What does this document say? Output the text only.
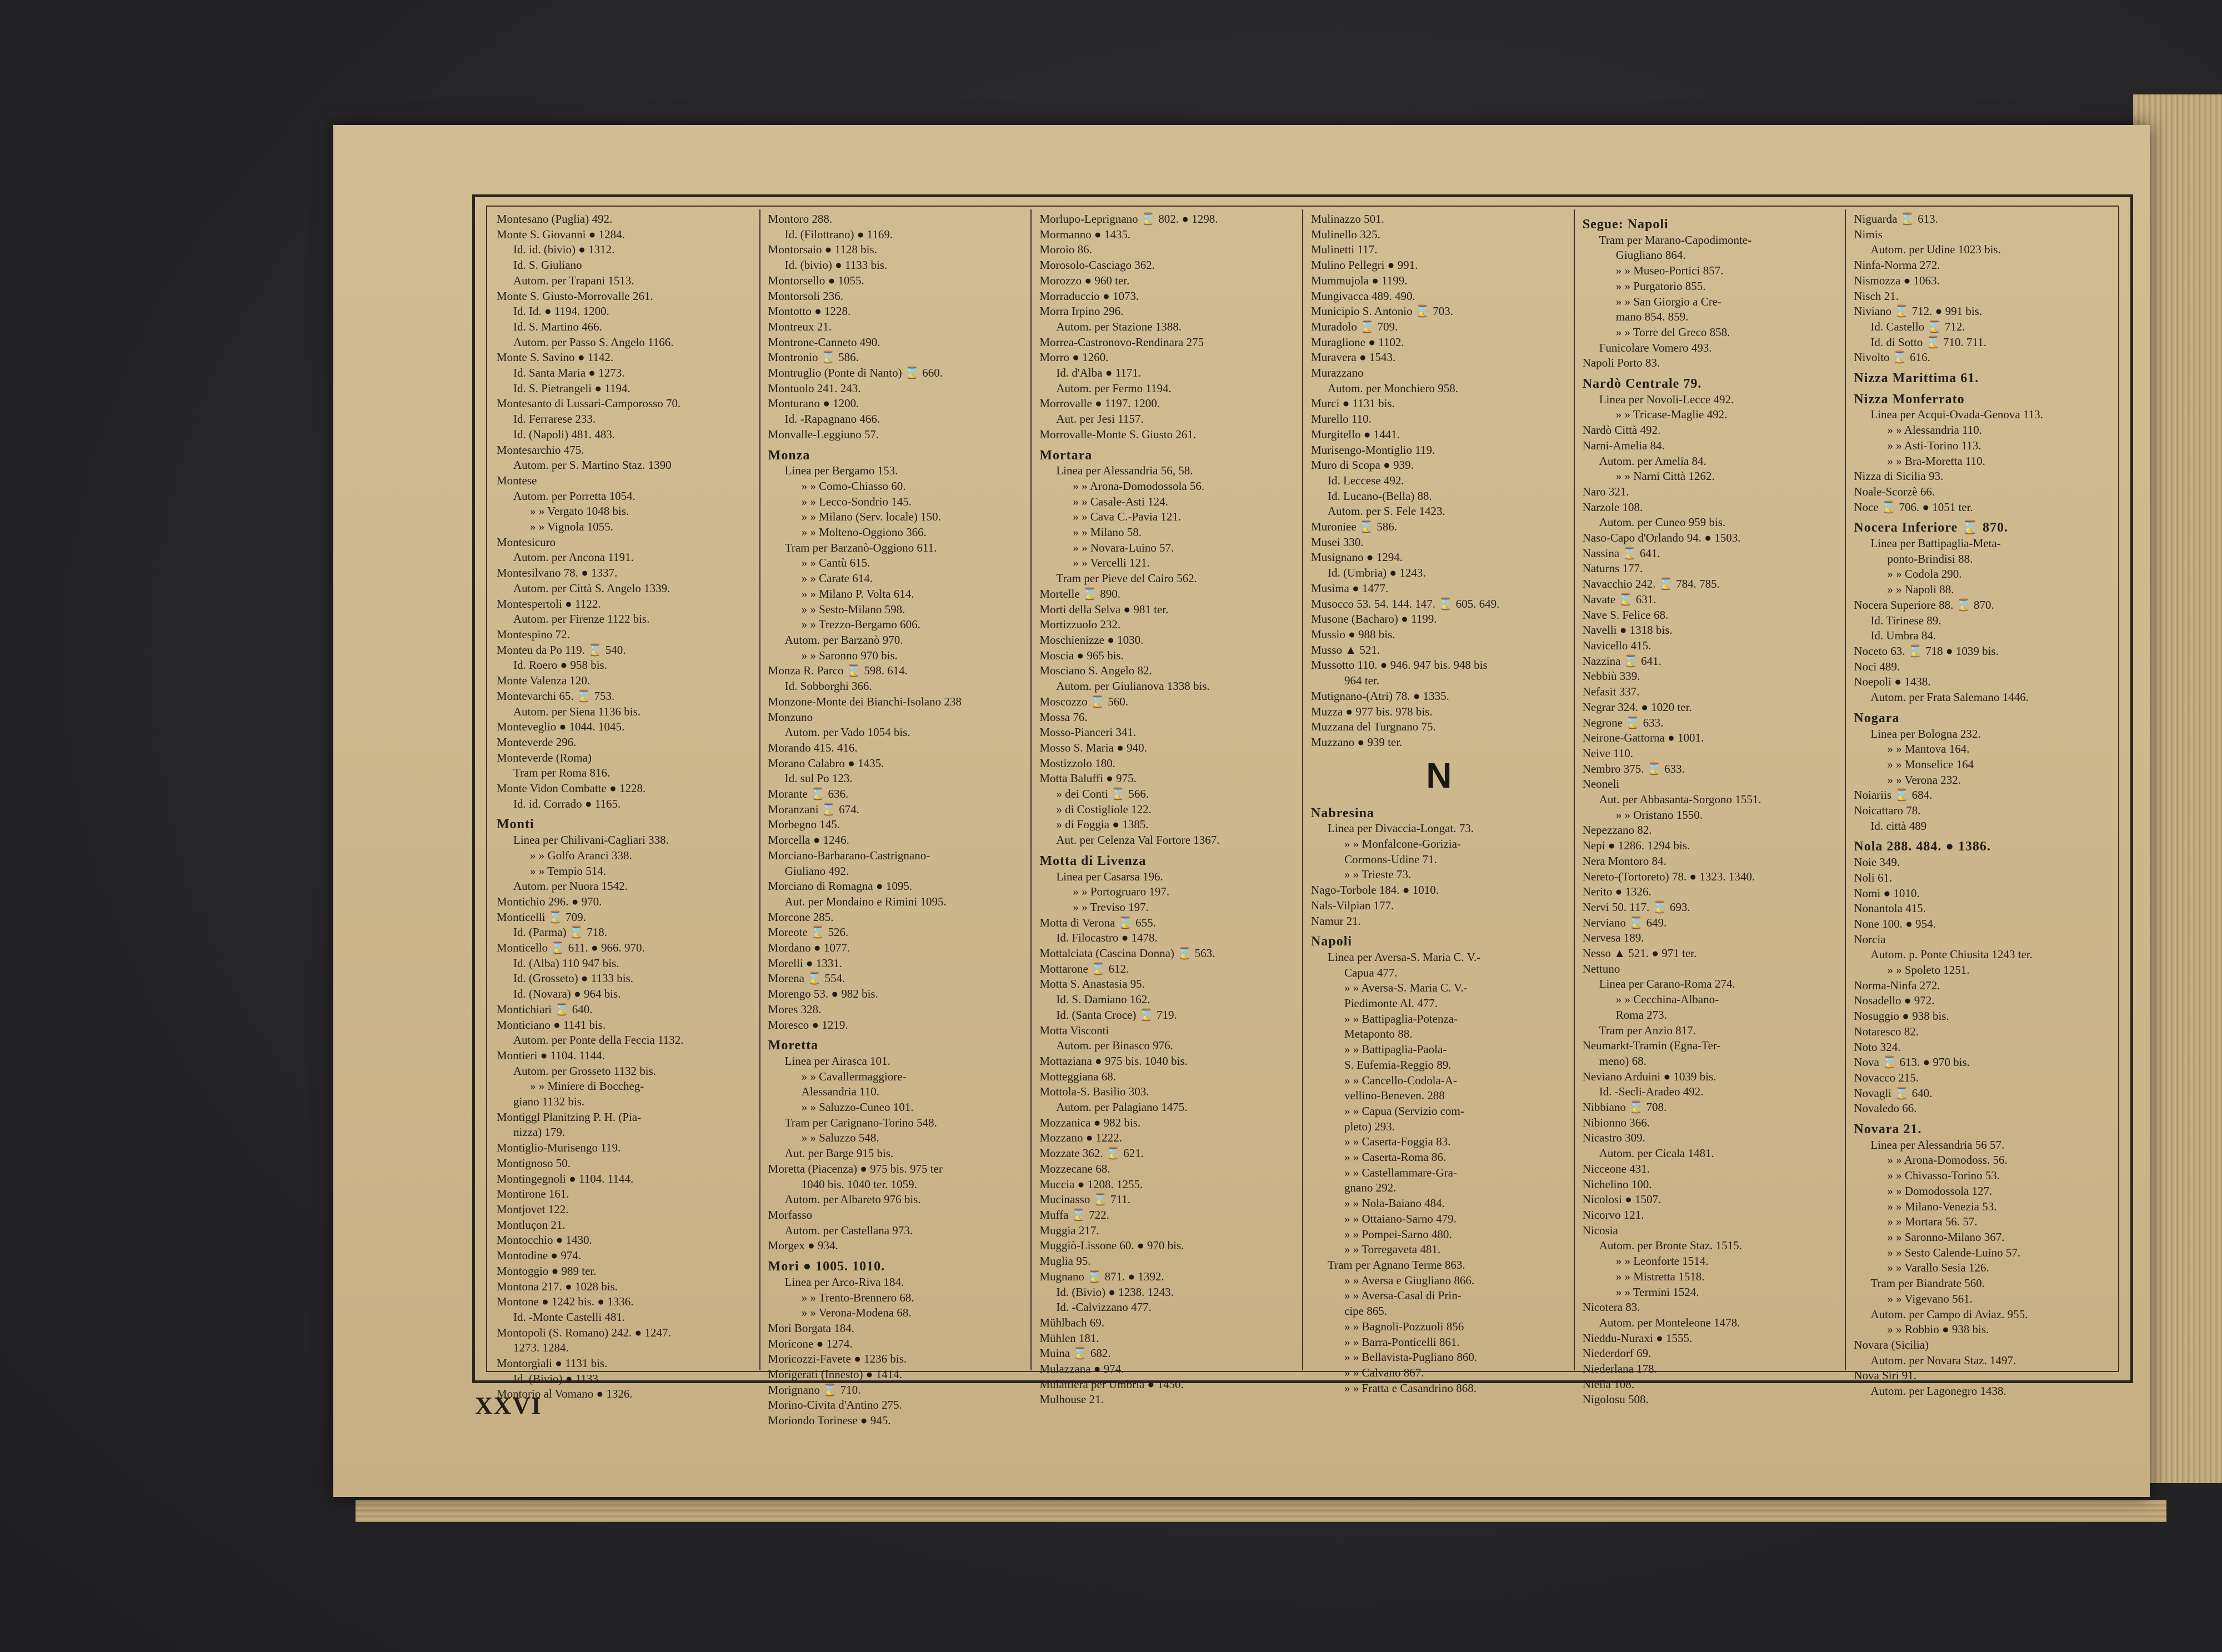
Montesano (Puglia) 492.
Monte S. Giovanni ● 1284.
Id. id. (bivio) ● 1312.
Id. S. Giuliano
Autom. per Trapani 1513.
Monte S. Giusto-Morrovalle 261.
Id. Id. ● 1194. 1200.
Id. S. Martino 466.
Autom. per Passo S. Angelo 1166.
Monte S. Savino ● 1142.
Id. Santa Maria ● 1273.
Id. S. Pietrangeli ● 1194.
Montesanto di Lussari-Camporosso 70.
Id. Ferrarese 233.
Id. (Napoli) 481. 483.
Montesarchio 475.
Autom. per S. Martino Staz. 1390
Montese
Autom. per Porretta 1054.
» » Vergato 1048 bis.
» » Vignola 1055.
Montesicuro
Autom. per Ancona 1191.
Montesilvano 78. ● 1337.
Autom. per Città S. Angelo 1339.
Montespertoli ● 1122.
Autom. per Firenze 1122 bis.
Montespino 72.
Monteu da Po 119. ⌛ 540.
Id. Roero ● 958 bis.
Monte Valenza 120.
Montevarchi 65. ⌛ 753.
Autom. per Siena 1136 bis.
Monteveglio ● 1044. 1045.
Monteverde 296.
Monteverde (Roma)
Tram per Roma 816.
Monte Vidon Combatte ● 1228.
Id. id. Corrado ● 1165.
Monti
Linea per Chilivani-Cagliari 338.
» » Golfo Aranci 338.
» » Tempio 514.
Autom. per Nuora 1542.
Montichio 296. ● 970.
Monticelli ⌛ 709.
Id. (Parma) ⌛ 718.
Monticello ⌛ 611. ● 966. 970.
Id. (Alba) 110 947 bis.
Id. (Grosseto) ● 1133 bis.
Id. (Novara) ● 964 bis.
Montichiari ⌛ 640.
Monticiano ● 1141 bis.
Autom. per Ponte della Feccia 1132.
Montieri ● 1104. 1144.
Autom. per Grosseto 1132 bis.
» » Miniere di Boccheg-
giano 1132 bis.
Montiggl Planitzing P. H. (Pia-
nizza) 179.
Montiglio-Murisengo 119.
Montignoso 50.
Montingegnoli ● 1104. 1144.
Montirone 161.
Montjovet 122.
Montluçon 21.
Montocchio ● 1430.
Montodine ● 974.
Montoggio ● 989 ter.
Montona 217. ● 1028 bis.
Montone ● 1242 bis. ● 1336.
Id. -Monte Castelli 481.
Montopoli (S. Romano) 242. ● 1247.
1273. 1284.
Montorgiali ● 1131 bis.
Id. (Bivio) ● 1133.
Montorio al Vomano ● 1326.
Montoro 288.
Id. (Filottrano) ● 1169.
Montorsaio ● 1128 bis.
Id. (bivio) ● 1133 bis.
Montorsello ● 1055.
Montorsoli 236.
Montotto ● 1228.
Montreux 21.
Montrone-Canneto 490.
Montronio ⌛ 586.
Montruglio (Ponte di Nanto) ⌛ 660.
Montuolo 241. 243.
Monturano ● 1200.
Id. -Rapagnano 466.
Monvalle-Leggiuno 57.
Monza
Linea per Bergamo 153.
» » Como-Chiasso 60.
» » Lecco-Sondrio 145.
» » Milano (Serv. locale) 150.
» » Molteno-Oggiono 366.
Tram per Barzanò-Oggiono 611.
» » Cantù 615.
» » Carate 614.
» » Milano P. Volta 614.
» » Sesto-Milano 598.
» » Trezzo-Bergamo 606.
Autom. per Barzanò 970.
» » Saronno 970 bis.
Monza R. Parco ⌛ 598. 614.
Id. Sobborghi 366.
Monzone-Monte dei Bianchi-Isolano 238
Monzuno
Autom. per Vado 1054 bis.
Morando 415. 416.
Morano Calabro ● 1435.
Id. sul Po 123.
Morante ⌛ 636.
Moranzani ⌛ 674.
Morbegno 145.
Morcella ● 1246.
Morciano-Barbarano-Castrignano-
Giuliano 492.
Morciano di Romagna ● 1095.
Aut. per Mondaino e Rimini 1095.
Morcone 285.
Moreote ⌛ 526.
Mordano ● 1077.
Morelli ● 1331.
Morena ⌛ 554.
Morengo 53. ● 982 bis.
Mores 328.
Moresco ● 1219.
Moretta
Linea per Airasca 101.
» » Cavallermaggiore-
Alessandria 110.
» » Saluzzo-Cuneo 101.
Tram per Carignano-Torino 548.
» » Saluzzo 548.
Aut. per Barge 915 bis.
Moretta (Piacenza) ● 975 bis. 975 ter
1040 bis. 1040 ter. 1059.
Autom. per Albareto 976 bis.
Morfasso
Autom. per Castellana 973.
Morgex ● 934.
Mori ● 1005. 1010.
Linea per Arco-Riva 184.
» » Trento-Brennero 68.
» » Verona-Modena 68.
Mori Borgata 184.
Moricone ● 1274.
Moricozzi-Favete ● 1236 bis.
Morigerati (Innesto) ● 1414.
Morignano ⌛ 710.
Morino-Civita d'Antino 275.
Moriondo Torinese ● 945.
Morlupo-Leprignano ⌛ 802. ● 1298.
Mormanno ● 1435.
Moroio 86.
Morosolo-Casciago 362.
Morozzo ● 960 ter.
Morraduccio ● 1073.
Morra Irpino 296.
Autom. per Stazione 1388.
Morrea-Castronovo-Rendinara 275
Morro ● 1260.
Id. d'Alba ● 1171.
Autom. per Fermo 1194.
Morrovalle ● 1197. 1200.
Aut. per Jesi 1157.
Morrovalle-Monte S. Giusto 261.
Mortara
Linea per Alessandria 56, 58.
» » Arona-Domodossola 56.
» » Casale-Asti 124.
» » Cava C.-Pavia 121.
» » Milano 58.
» » Novara-Luino 57.
» » Vercelli 121.
Tram per Pieve del Cairo 562.
Mortelle ⌛ 890.
Morti della Selva ● 981 ter.
Mortizzuolo 232.
Moschienizze ● 1030.
Moscia ● 965 bis.
Mosciano S. Angelo 82.
Autom. per Giulianova 1338 bis.
Moscozzo ⌛ 560.
Mossa 76.
Mosso-Pianceri 341.
Mosso S. Maria ● 940.
Mostizzolo 180.
Motta Baluffi ● 975.
» dei Conti ⌛ 566.
» di Costigliole 122.
» di Foggia ● 1385.
Aut. per Celenza Val Fortore 1367.
Motta di Livenza
Linea per Casarsa 196.
» » Portogruaro 197.
» » Treviso 197.
Motta di Verona ⌛ 655.
Id. Filocastro ● 1478.
Mottalciata (Cascina Donna) ⌛ 563.
Mottarone ⌛ 612.
Motta S. Anastasia 95.
Id. S. Damiano 162.
Id. (Santa Croce) ⌛ 719.
Motta Visconti
Autom. per Binasco 976.
Mottaziana ● 975 bis. 1040 bis.
Motteggiana 68.
Mottola-S. Basilio 303.
Autom. per Palagiano 1475.
Mozzanica ● 982 bis.
Mozzano ● 1222.
Mozzate 362. ⌛ 621.
Mozzecane 68.
Muccia ● 1208. 1255.
Mucinasso ⌛ 711.
Muffa ⌛ 722.
Muggia 217.
Muggiò-Lissone 60. ● 970 bis.
Muglia 95.
Mugnano ⌛ 871. ● 1392.
Id. (Bivio) ● 1238. 1243.
Id. -Calvizzano 477.
Mühlbach 69.
Mühlen 181.
Muina ⌛ 682.
Mulazzana ● 974.
Mulattiera per Umbria ● 1450.
Mulhouse 21.
Mulinazzo 501.
Mulinello 325.
Mulinetti 117.
Mulino Pellegri ● 991.
Mummujola ● 1199.
Mungivacca 489. 490.
Municipio S. Antonio ⌛ 703.
Muradolo ⌛ 709.
Muraglione ● 1102.
Muravera ● 1543.
Murazzano
Autom. per Monchiero 958.
Murci ● 1131 bis.
Murello 110.
Murgitello ● 1441.
Murisengo-Montiglio 119.
Muro di Scopa ● 939.
Id. Leccese 492.
Id. Lucano-(Bella) 88.
Autom. per S. Fele 1423.
Muroniee ⌛ 586.
Musei 330.
Musignano ● 1294.
Id. (Umbria) ● 1243.
Musima ● 1477.
Musocco 53. 54. 144. 147. ⌛ 605. 649.
Musone (Bacharo) ● 1199.
Mussio ● 988 bis.
Musso ▲ 521.
Mussotto 110. ● 946. 947 bis. 948 bis
964 ter.
Mutignano-(Atri) 78. ● 1335.
Muzza ● 977 bis. 978 bis.
Muzzana del Turgnano 75.
Muzzano ● 939 ter.
N
Nabresina
Linea per Divaccia-Longat. 73.
» » Monfalcone-Gorizia-
Cormons-Udine 71.
» » Trieste 73.
Nago-Torbole 184. ● 1010.
Nals-Vilpian 177.
Namur 21.
Napoli
Linea per Aversa-S. Maria C. V.-
Capua 477.
» » Aversa-S. Maria C. V.-
Piedimonte Al. 477.
» » Battipaglia-Potenza-
Metaponto 88.
» » Battipaglia-Paola-
S. Eufemia-Reggio 89.
» » Cancello-Codola-A-
vellino-Beneven. 288
» » Capua (Servizio com-
pleto) 293.
» » Caserta-Foggia 83.
» » Caserta-Roma 86.
» » Castellammare-Gra-
gnano 292.
» » Nola-Baiano 484.
» » Ottaiano-Sarno 479.
» » Pompei-Sarno 480.
» » Torregaveta 481.
Tram per Agnano Terme 863.
» » Aversa e Giugliano 866.
» » Aversa-Casal di Prin-
cipe 865.
» » Bagnoli-Pozzuoli 856
» » Barra-Ponticelli 861.
» » Bellavista-Pugliano 860.
» » Calvano 867.
» » Fratta e Casandrino 868.
Segue: Napoli
Tram per Marano-Capodimonte-
Giugliano 864.
» » Museo-Portici 857.
» » Purgatorio 855.
» » San Giorgio a Cre-
mano 854. 859.
» » Torre del Greco 858.
Funicolare Vomero 493.
Napoli Porto 83.
Nardò Centrale 79.
Linea per Novoli-Lecce 492.
» » Tricase-Maglie 492.
Nardò Città 492.
Narni-Amelia 84.
Autom. per Amelia 84.
» » Narni Città 1262.
Naro 321.
Narzole 108.
Autom. per Cuneo 959 bis.
Naso-Capo d'Orlando 94. ● 1503.
Nassina ⌛ 641.
Naturns 177.
Navacchio 242. ⌛ 784. 785.
Navate ⌛ 631.
Nave S. Felice 68.
Navelli ● 1318 bis.
Navicello 415.
Nazzina ⌛ 641.
Nebbiù 339.
Nefasit 337.
Negrar 324. ● 1020 ter.
Negrone ⌛ 633.
Neirone-Gattorna ● 1001.
Neive 110.
Nembro 375. ⌛ 633.
Neoneli
Aut. per Abbasanta-Sorgono 1551.
» » Oristano 1550.
Nepezzano 82.
Nepi ● 1286. 1294 bis.
Nera Montoro 84.
Nereto-(Tortoreto) 78. ● 1323. 1340.
Nerito ● 1326.
Nervi 50. 117. ⌛ 693.
Nerviano ⌛ 649.
Nervesa 189.
Nesso ▲ 521. ● 971 ter.
Nettuno
Linea per Carano-Roma 274.
» » Cecchina-Albano-
Roma 273.
Tram per Anzio 817.
Neumarkt-Tramin (Egna-Ter-
meno) 68.
Neviano Arduini ● 1039 bis.
Id. -Secli-Aradeo 492.
Nibbiano ⌛ 708.
Nibionno 366.
Nicastro 309.
Autom. per Cicala 1481.
Nicceone 431.
Nichelino 100.
Nicolosi ● 1507.
Nicorvo 121.
Nicosia
Autom. per Bronte Staz. 1515.
» » Leonforte 1514.
» » Mistretta 1518.
» » Termini 1524.
Nicotera 83.
Autom. per Monteleone 1478.
Nieddu-Nuraxi ● 1555.
Niederdorf 69.
Niederlana 178.
Niella 108.
Nigolosu 508.
Niguarda ⌛ 613.
Nimis
Autom. per Udine 1023 bis.
Ninfa-Norma 272.
Nismozza ● 1063.
Nisch 21.
Niviano ⌛ 712. ● 991 bis.
Id. Castello ⌛ 712.
Id. di Sotto ⌛ 710. 711.
Nivolto ⌛ 616.
Nizza Marittima 61.
Nizza Monferrato
Linea per Acqui-Ovada-Genova 113.
» » Alessandria 110.
» » Asti-Torino 113.
» » Bra-Moretta 110.
Nizza di Sicilia 93.
Noale-Scorzè 66.
Noce ⌛ 706. ● 1051 ter.
Nocera Inferiore ⌛ 870.
Linea per Battipaglia-Meta-
ponto-Brindisi 88.
» » Codola 290.
» » Napoli 88.
Nocera Superiore 88. ⌛ 870.
Id. Tirinese 89.
Id. Umbra 84.
Noceto 63. ⌛ 718 ● 1039 bis.
Noci 489.
Noepoli ● 1438.
Autom. per Frata Salemano 1446.
Nogara
Linea per Bologna 232.
» » Mantova 164.
» » Monselice 164
» » Verona 232.
Noiariis ⌛ 684.
Noicattaro 78.
Id. città 489
Nola 288. 484. ● 1386.
Noie 349.
Noli 61.
Nomi ● 1010.
Nonantola 415.
None 100. ● 954.
Norcia
Autom. p. Ponte Chiusita 1243 ter.
» » Spoleto 1251.
Norma-Ninfa 272.
Nosadello ● 972.
Nosuggio ● 938 bis.
Notaresco 82.
Noto 324.
Nova ⌛ 613. ● 970 bis.
Novacco 215.
Novagli ⌛ 640.
Novaledo 66.
Novara 21.
Linea per Alessandria 56 57.
» » Arona-Domodoss. 56.
» » Chivasso-Torino 53.
» » Domodossola 127.
» » Milano-Venezia 53.
» » Mortara 56. 57.
» » Saronno-Milano 367.
» » Sesto Calende-Luino 57.
» » Varallo Sesia 126.
Tram per Biandrate 560.
» » Vigevano 561.
Autom. per Campo di Aviaz. 955.
» » Robbio ● 938 bis.
Novara (Sicilia)
Autom. per Novara Staz. 1497.
Nova Siri 91.
Autom. per Lagonegro 1438.
XXVI
